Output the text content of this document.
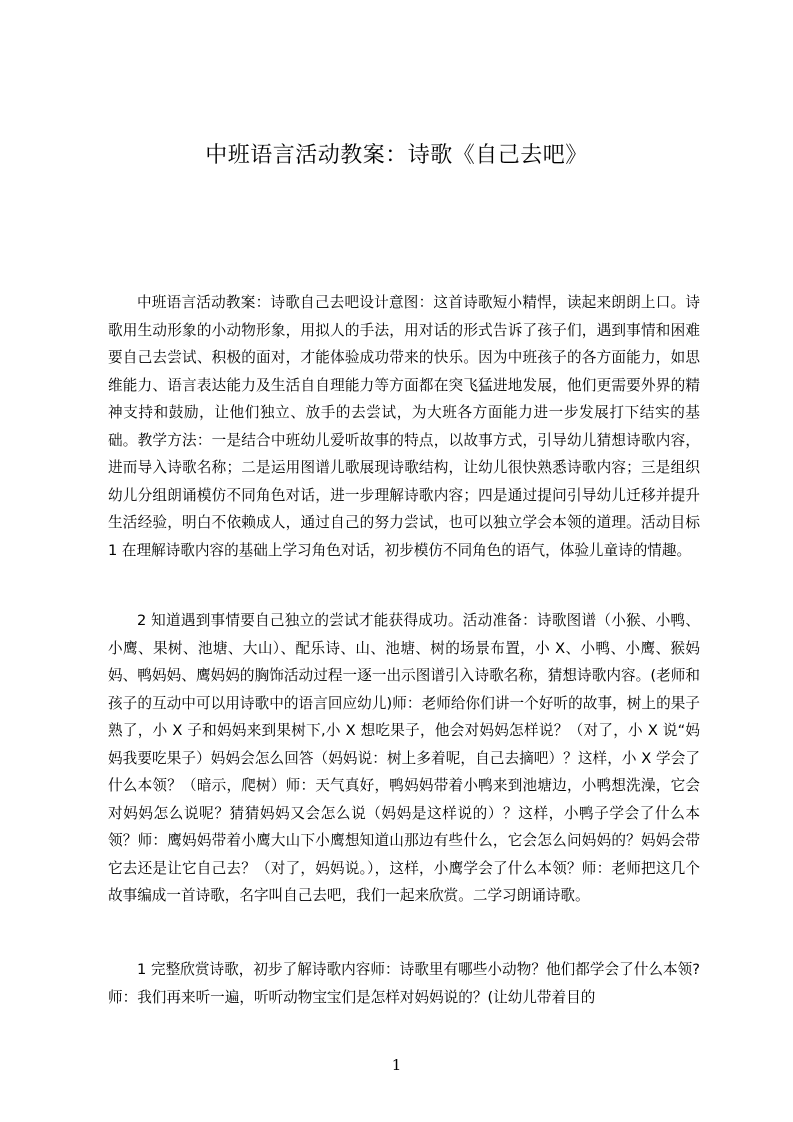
中班语言活动教案：诗歌《自己去吧》

中班语言活动教案：诗歌自己去吧设计意图：这首诗歌短小精悍，读起来朗朗上口。诗歌用生动形象的小动物形象，用拟人的手法，用对话的形式告诉了孩子们，遇到事情和困难要自己去尝试、积极的面对，才能体验成功带来的快乐。因为中班孩子的各方面能力，如思维能力、语言表达能力及生活自自理能力等方面都在突飞猛进地发展，他们更需要外界的精神支持和鼓励，让他们独立、放手的去尝试，为大班各方面能力进一步发展打下结实的基础。教学方法：一是结合中班幼儿爱听故事的特点，以故事方式，引导幼儿猜想诗歌内容，进而导入诗歌名称；二是运用图谱儿歌展现诗歌结构，让幼儿很快熟悉诗歌内容；三是组织幼儿分组朗诵模仿不同角色对话，进一步理解诗歌内容；四是通过提问引导幼儿迁移并提升生活经验，明白不依赖成人，通过自己的努力尝试，也可以独立学会本领的道理。活动目标 1 在理解诗歌内容的基础上学习角色对话，初步模仿不同角色的语气，体验儿童诗的情趣。

2 知道遇到事情要自己独立的尝试才能获得成功。活动准备：诗歌图谱（小猴、小鸭、小鹰、果树、池塘、大山）、配乐诗、山、池塘、树的场景布置，小 X、小鸭、小鹰、猴妈妈、鸭妈妈、鹰妈妈的胸饰活动过程一逐一出示图谱引入诗歌名称，猜想诗歌内容。(老师和孩子的互动中可以用诗歌中的语言回应幼儿)师：老师给你们讲一个好听的故事，树上的果子熟了，小 X 子和妈妈来到果树下,小 X 想吃果子，他会对妈妈怎样说？（对了，小 X 说“妈妈我要吃果子）妈妈会怎么回答（妈妈说：树上多着呢，自己去摘吧）？这样，小 X 学会了什么本领？（暗示，爬树）师：天气真好，鸭妈妈带着小鸭来到池塘边，小鸭想洗澡，它会对妈妈怎么说呢？猜猜妈妈又会怎么说（妈妈是这样说的）？这样，小鸭子学会了什么本领？师：鹰妈妈带着小鹰大山下小鹰想知道山那边有些什么，它会怎么问妈妈的？妈妈会带它去还是让它自己去？（对了，妈妈说。），这样，小鹰学会了什么本领？师：老师把这几个故事编成一首诗歌，名字叫自己去吧，我们一起来欣赏。二学习朗诵诗歌。

1 完整欣赏诗歌，初步了解诗歌内容师：诗歌里有哪些小动物？他们都学会了什么本领?师：我们再来听一遍，听听动物宝宝们是怎样对妈妈说的？(让幼儿带着目的

1
